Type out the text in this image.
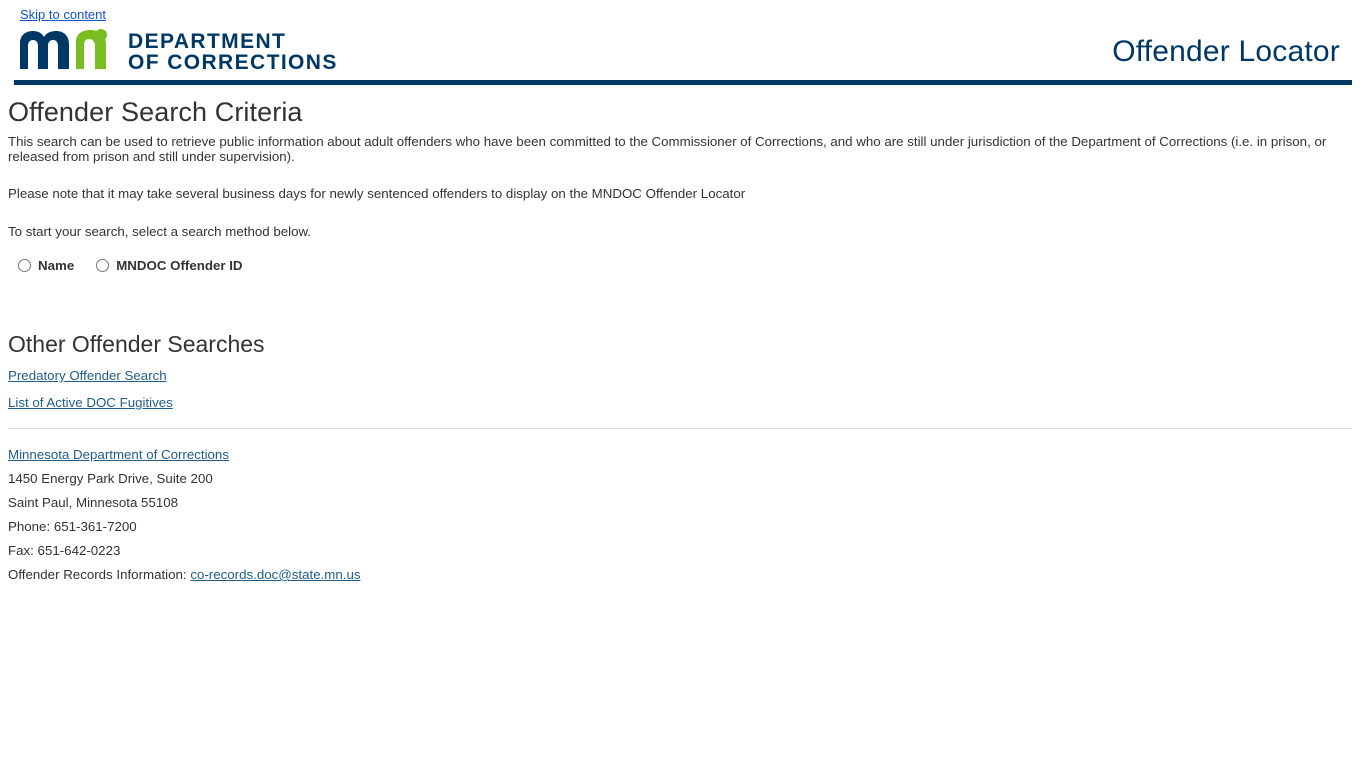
Skip to content
DEPARTMENT
OF CORRECTIONS	Offender Locator
Offender Search Criteria

This search can be used to retrieve public information about adult offenders who have been committed to the Commissioner of Corrections, and who are still under jurisdiction of the Department of Corrections (i.e. in prison, or released from prison and still under supervision).

Please note that it may take several business days for newly sentenced offenders to display on the MNDOC Offender Locator

To start your search, select a search method below.

Name	MNDOC Offender ID
Other Offender Searches
Predatory Offender Search
List of Active DOC Fugitives
Minnesota Department of Corrections
1450 Energy Park Drive, Suite 200
Saint Paul, Minnesota 55108
Phone: 651-361-7200
Fax: 651-642-0223
Offender Records Information: co-records.doc@state.mn.us
